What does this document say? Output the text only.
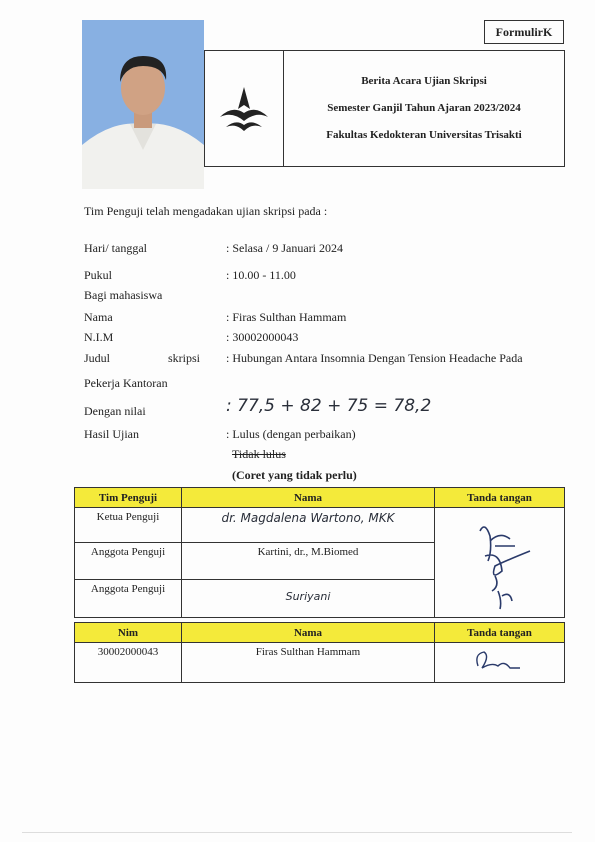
FormulirK
Berita Acara Ujian Skripsi
Semester Ganjil Tahun Ajaran 2023/2024
Fakultas Kedokteran Universitas Trisakti
Tim Penguji telah mengadakan ujian skripsi pada :
Hari/ tanggal	: Selasa / 9 Januari 2024
Pukul	: 10.00 - 11.00
Bagi mahasiswa
Nama	: Firas Sulthan Hammam
N.I.M	: 30002000043
Judul	skripsi : Hubungan Antara Insomnia Dengan Tension Headache Pada
Pekerja Kantoran
Dengan nilai	: 77,5 + 82 + 75 = 78,2
Hasil Ujian	: Lulus (dengan perbaikan)
Tidak lulus
(Coret yang tidak perlu)
Tim Penguji	Nama	Tanda tangan
Ketua Penguji	dr. Magdalena Wartono, MKK	
Anggota Penguji	Kartini, dr., M.Biomed	
Anggota Penguji	Suriyani	
Nim	Nama	Tanda tangan
30002000043	Firas Sulthan Hammam	
